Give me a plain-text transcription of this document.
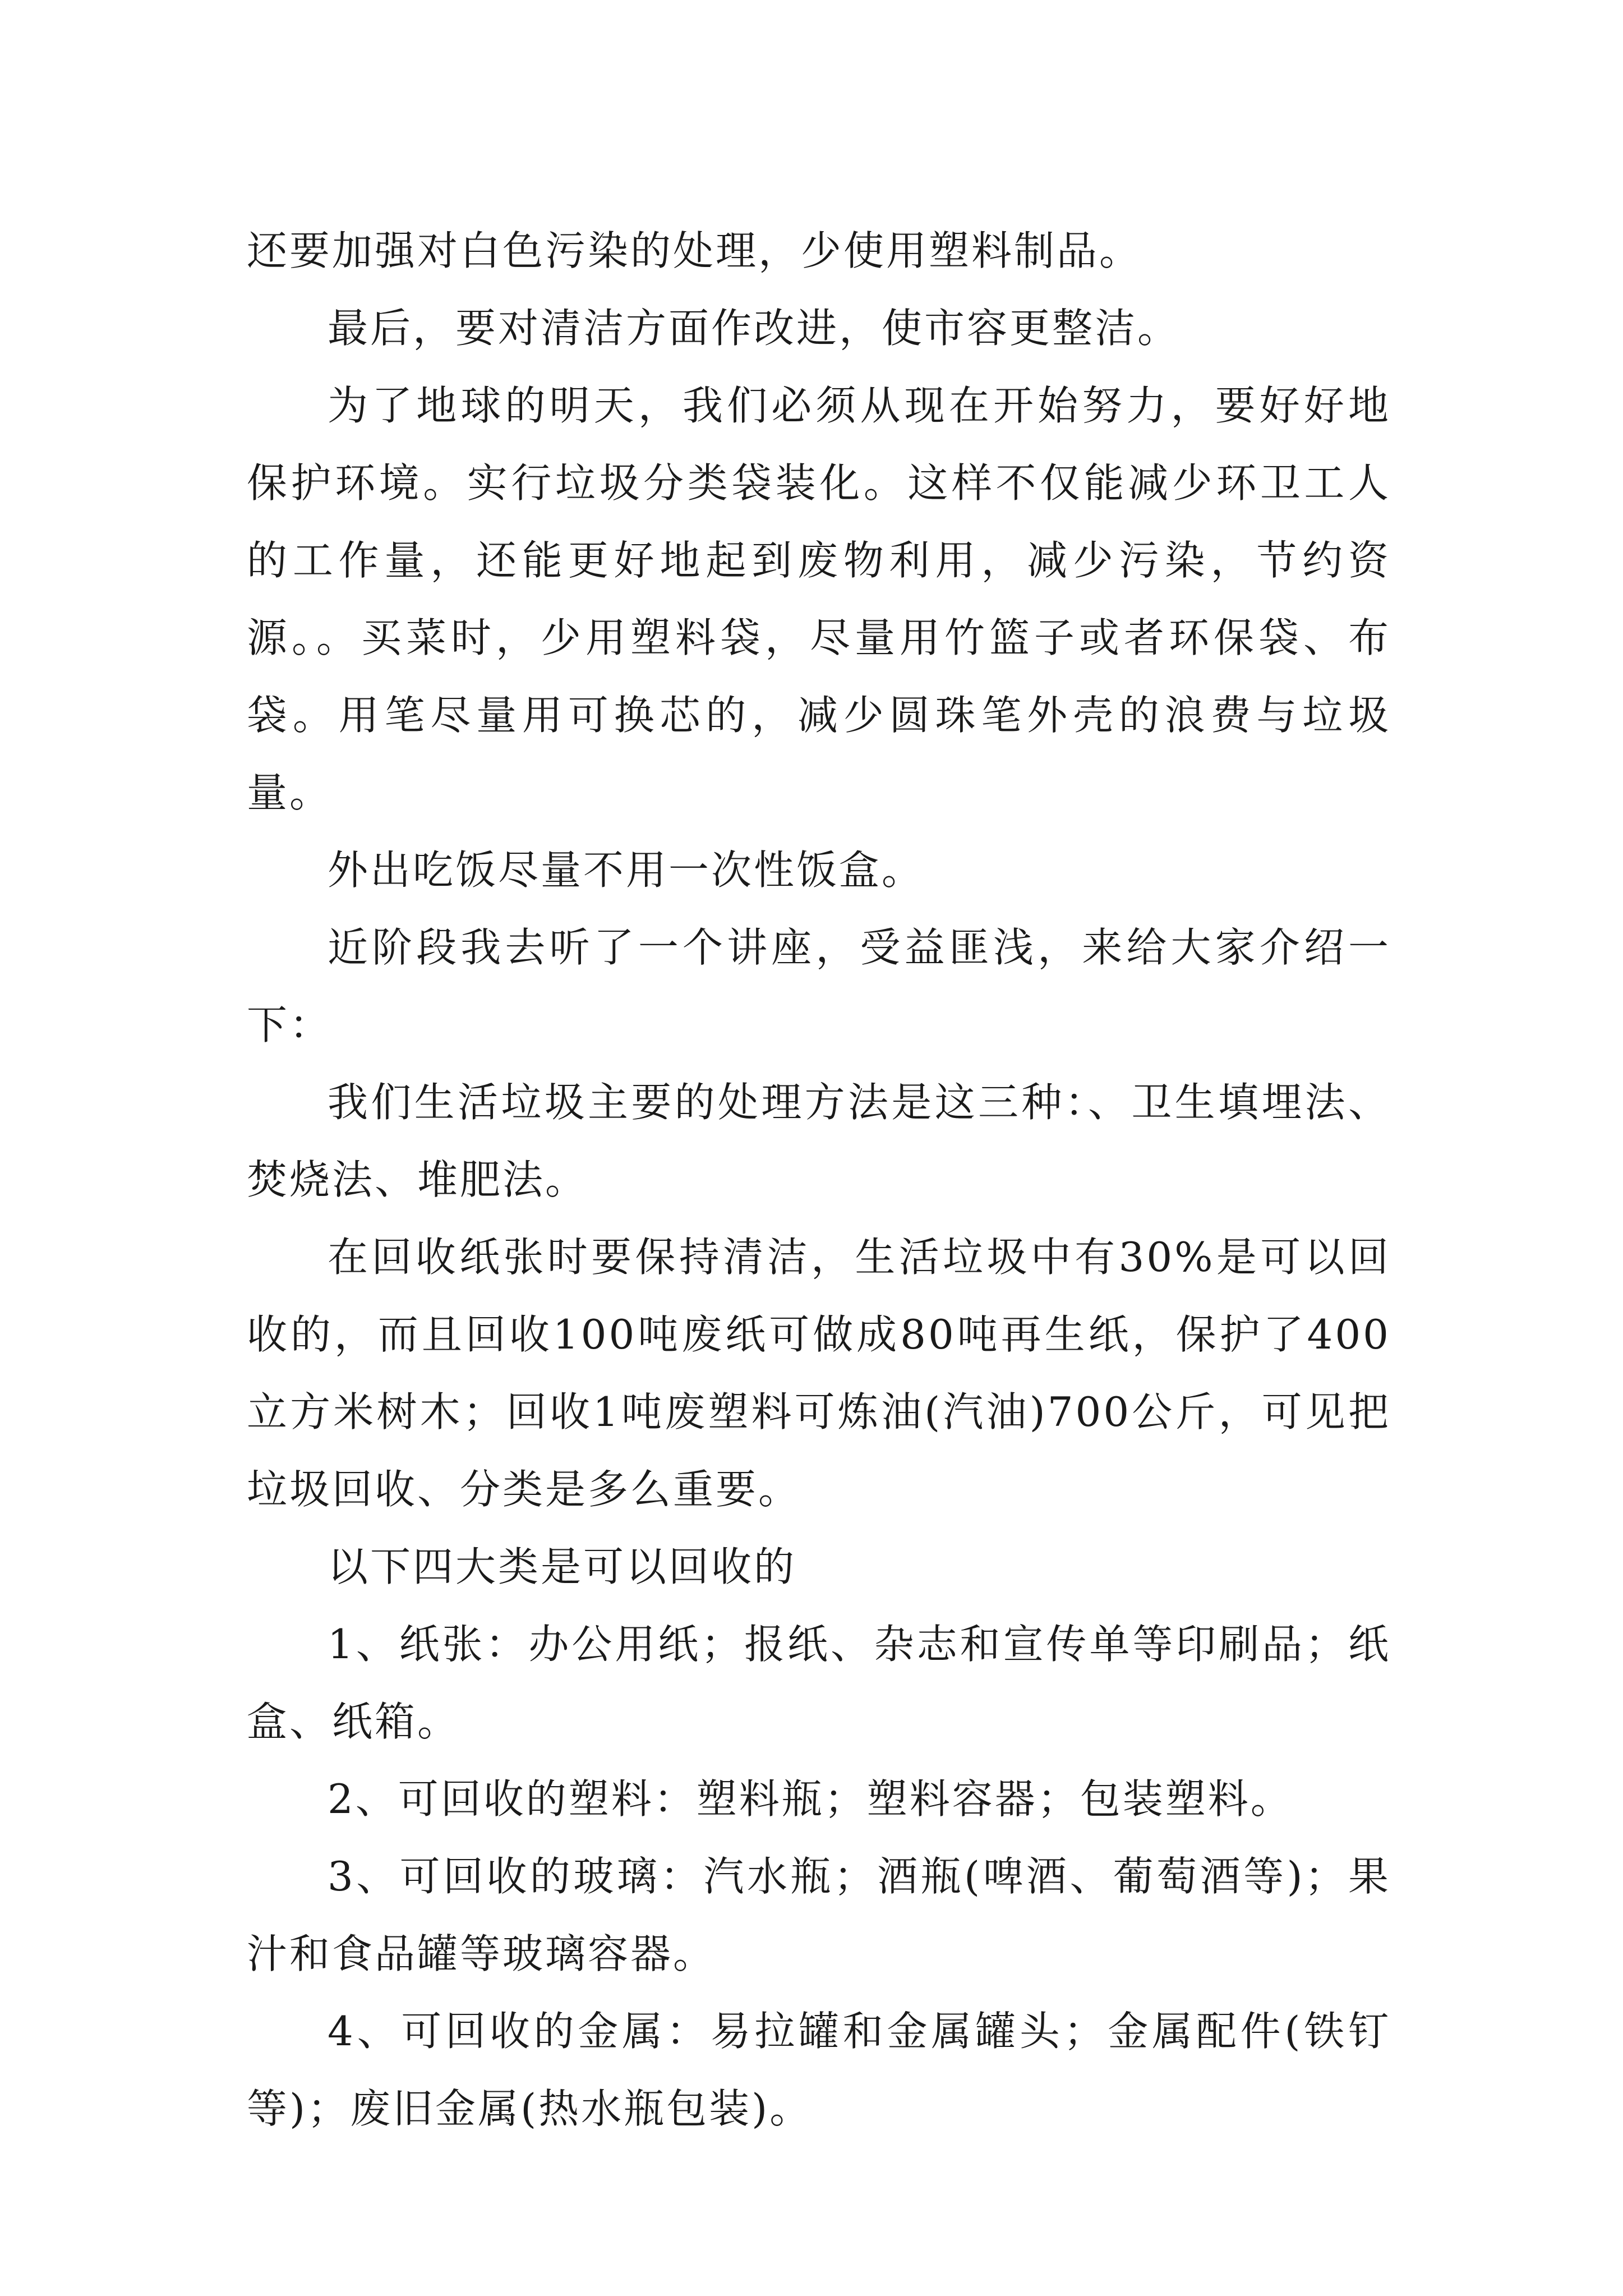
还要加强对白色污染的处理，少使用塑料制品。

最后，要对清洁方面作改进，使市容更整洁。

为了地球的明天，我们必须从现在开始努力，要好好地保护环境。实行垃圾分类袋装化。这样不仅能减少环卫工人的工作量，还能更好地起到废物利用，减少污染，节约资源。。买菜时，少用塑料袋，尽量用竹篮子或者环保袋、布袋。用笔尽量用可换芯的，减少圆珠笔外壳的浪费与垃圾量。

外出吃饭尽量不用一次性饭盒。

近阶段我去听了一个讲座，受益匪浅，来给大家介绍一下：

我们生活垃圾主要的处理方法是这三种：、卫生填埋法、焚烧法、堆肥法。

在回收纸张时要保持清洁，生活垃圾中有30%是可以回收的，而且回收100吨废纸可做成80吨再生纸，保护了400立方米树木；回收1吨废塑料可炼油(汽油)700公斤，可见把垃圾回收、分类是多么重要。

以下四大类是可以回收的

1、纸张：办公用纸；报纸、杂志和宣传单等印刷品；纸盒、纸箱。

2、可回收的塑料：塑料瓶；塑料容器；包装塑料。

3、可回收的玻璃：汽水瓶；酒瓶(啤酒、葡萄酒等)；果汁和食品罐等玻璃容器。

4、可回收的金属：易拉罐和金属罐头；金属配件(铁钉等)；废旧金属(热水瓶包装)。
